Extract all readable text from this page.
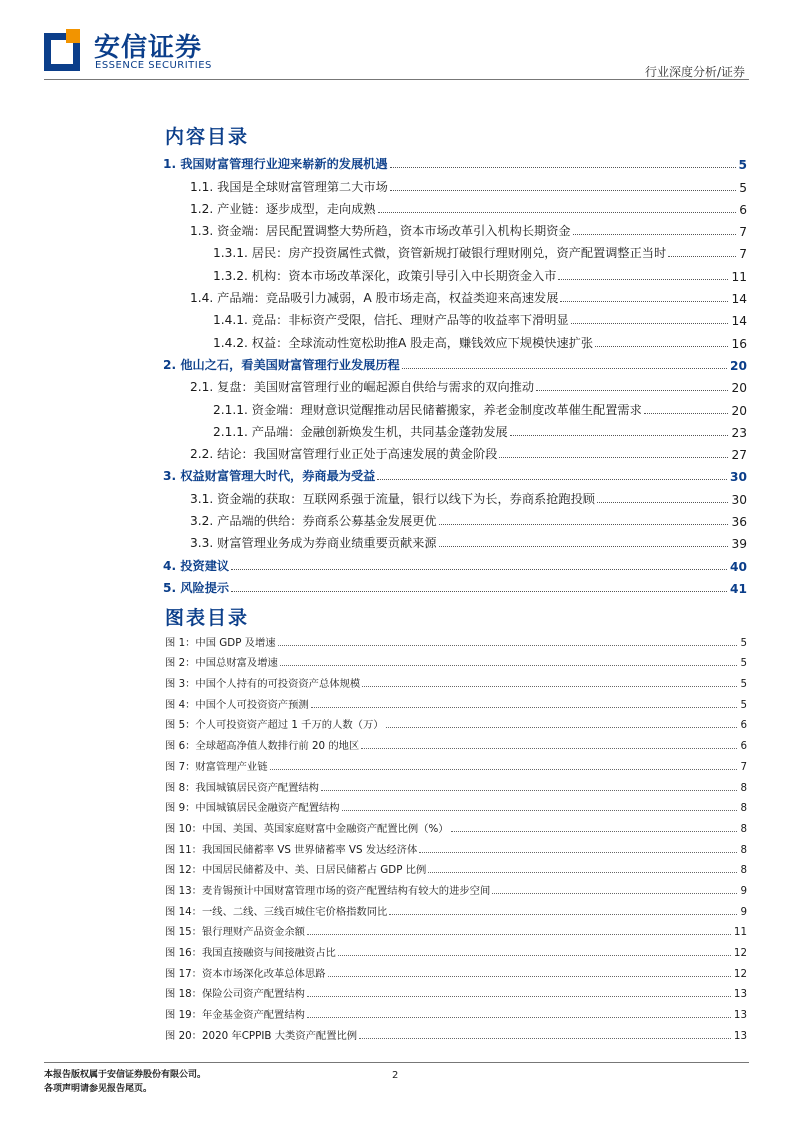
安信证券
ESSENCE SECURITIES	行业深度分析/证券
内容目录
1. 我国财富管理行业迎来崭新的发展机遇	5
1.1. 我国是全球财富管理第二大市场	5
1.2. 产业链：逐步成型，走向成熟	6
1.3. 资金端：居民配置调整大势所趋，资本市场改革引入机构长期资金	7
1.3.1. 居民：房产投资属性式微，资管新规打破银行理财刚兑，资产配置调整正当时	7
1.3.2. 机构：资本市场改革深化，政策引导引入中长期资金入市	11
1.4. 产品端：竞品吸引力减弱，A 股市场走高，权益类迎来高速发展	14
1.4.1. 竞品：非标资产受限，信托、理财产品等的收益率下滑明显	14
1.4.2. 权益：全球流动性宽松助推A 股走高，赚钱效应下规模快速扩张	16
2. 他山之石，看美国财富管理行业发展历程	20
2.1. 复盘：美国财富管理行业的崛起源自供给与需求的双向推动	20
2.1.1. 资金端：理财意识觉醒推动居民储蓄搬家，养老金制度改革催生配置需求	20
2.1.1. 产品端：金融创新焕发生机，共同基金蓬勃发展	23
2.2. 结论：我国财富管理行业正处于高速发展的黄金阶段	27
3. 权益财富管理大时代，券商最为受益	30
3.1. 资金端的获取：互联网系强于流量，银行以线下为长，券商系抢跑投顾	30
3.2. 产品端的供给：券商系公募基金发展更优	36
3.3. 财富管理业务成为券商业绩重要贡献来源	39
4. 投资建议	40
5. 风险提示	41
图表目录
图 1：中国 GDP 及增速	5
图 2：中国总财富及增速	5
图 3：中国个人持有的可投资资产总体规模	5
图 4：中国个人可投资资产预测	5
图 5：个人可投资资产超过 1 千万的人数（万）	6
图 6：全球超高净值人数排行前 20 的地区	6
图 7：财富管理产业链	7
图 8：我国城镇居民资产配置结构	8
图 9：中国城镇居民金融资产配置结构	8
图 10：中国、美国、英国家庭财富中金融资产配置比例（%）	8
图 11：我国国民储蓄率 VS 世界储蓄率 VS 发达经济体	8
图 12：中国居民储蓄及中、美、日居民储蓄占 GDP 比例	8
图 13：麦肯锡预计中国财富管理市场的资产配置结构有较大的进步空间	9
图 14：一线、二线、三线百城住宅价格指数同比	9
图 15：银行理财产品资金余额	11
图 16：我国直接融资与间接融资占比	12
图 17：资本市场深化改革总体思路	12
图 18：保险公司资产配置结构	13
图 19：年金基金资产配置结构	13
图 20：2020 年CPPIB 大类资产配置比例	13
本报告版权属于安信证券股份有限公司。
各项声明请参见报告尾页。
2
